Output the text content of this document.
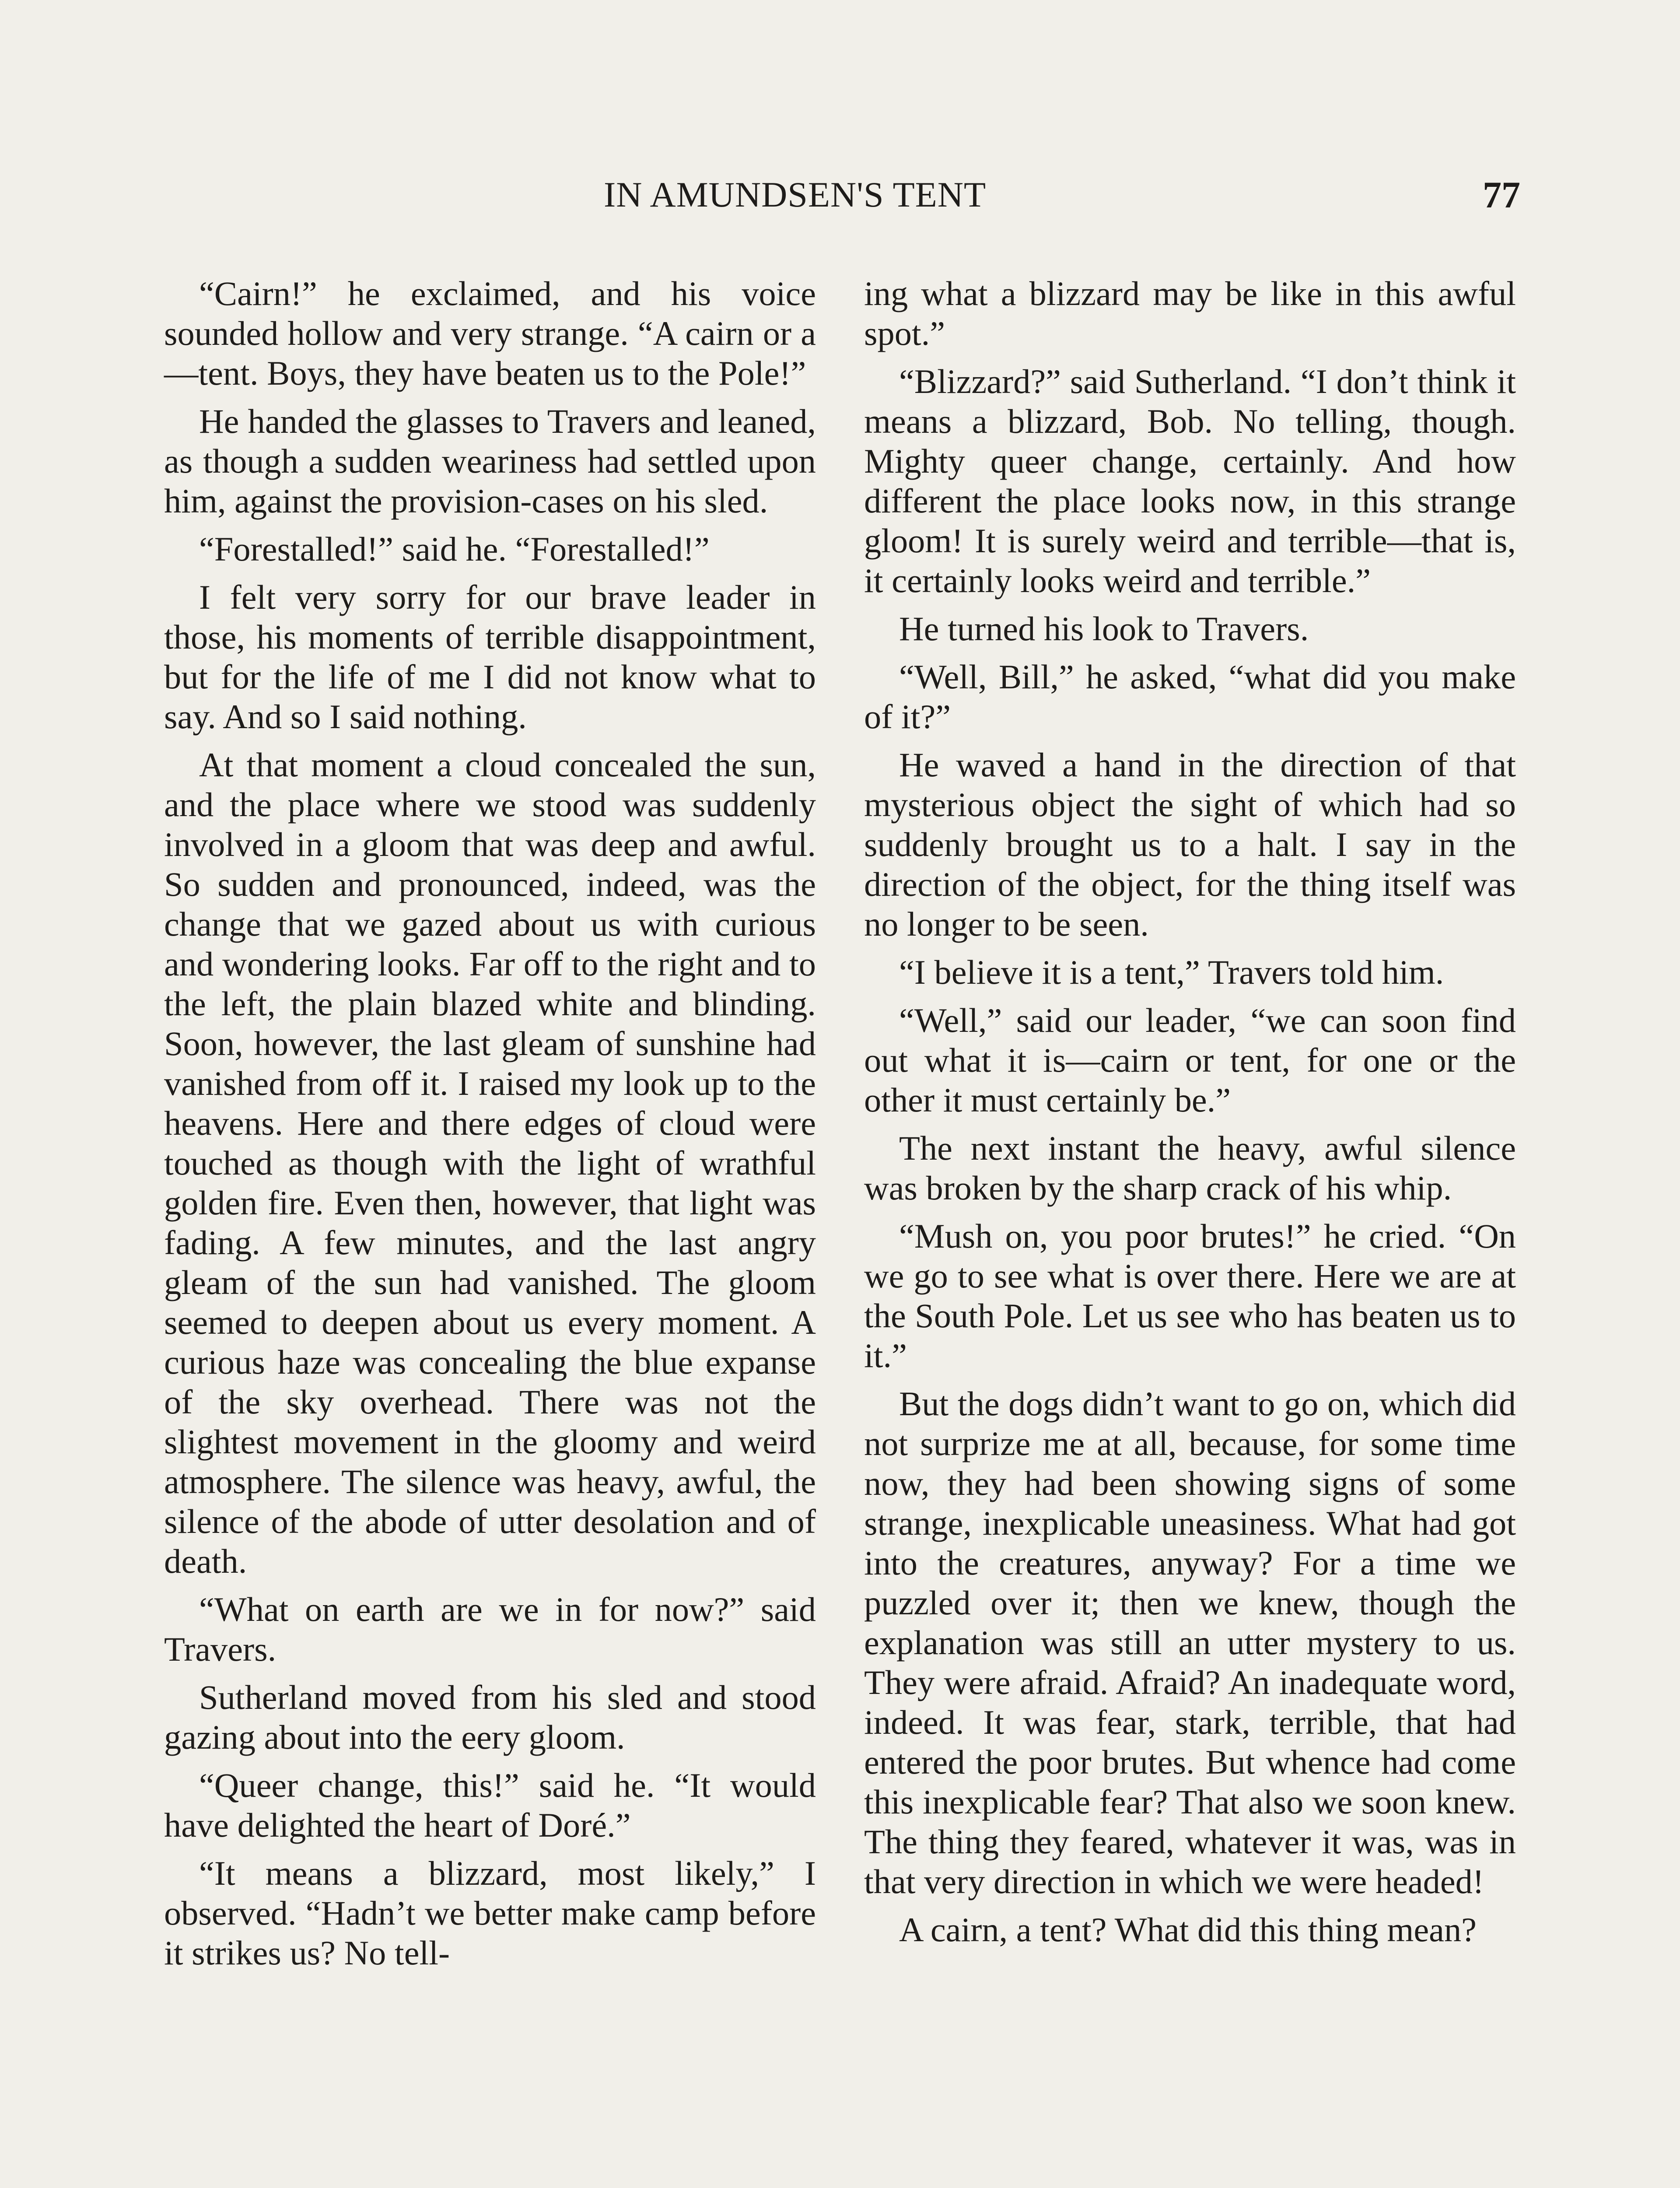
IN AMUNDSEN'S TENT	77

“Cairn!” he exclaimed, and his voice sounded hollow and very strange. “A cairn or a—tent. Boys, they have beaten us to the Pole!”

He handed the glasses to Travers and leaned, as though a sudden weariness had settled upon him, against the provision-cases on his sled.

“Forestalled!” said he. “Forestalled!”

I felt very sorry for our brave leader in those, his moments of terrible disappointment, but for the life of me I did not know what to say. And so I said nothing.

At that moment a cloud concealed the sun, and the place where we stood was suddenly involved in a gloom that was deep and awful. So sudden and pronounced, indeed, was the change that we gazed about us with curious and wondering looks. Far off to the right and to the left, the plain blazed white and blinding. Soon, however, the last gleam of sunshine had vanished from off it. I raised my look up to the heavens. Here and there edges of cloud were touched as though with the light of wrathful golden fire. Even then, however, that light was fading. A few minutes, and the last angry gleam of the sun had vanished. The gloom seemed to deepen about us every moment. A curious haze was concealing the blue expanse of the sky overhead. There was not the slightest movement in the gloomy and weird atmosphere. The silence was heavy, awful, the silence of the abode of utter desolation and of death.

“What on earth are we in for now?” said Travers.

Sutherland moved from his sled and stood gazing about into the eery gloom.

“Queer change, this!” said he. “It would have delighted the heart of Doré.”

“It means a blizzard, most likely,” I observed. “Hadn’t we better make camp before it strikes us? No tell-

ing what a blizzard may be like in this awful spot.”

“Blizzard?” said Sutherland. “I don’t think it means a blizzard, Bob. No telling, though. Mighty queer change, certainly. And how different the place looks now, in this strange gloom! It is surely weird and terrible—that is, it certainly looks weird and terrible.”

He turned his look to Travers.

“Well, Bill,” he asked, “what did you make of it?”

He waved a hand in the direction of that mysterious object the sight of which had so suddenly brought us to a halt. I say in the direction of the object, for the thing itself was no longer to be seen.

“I believe it is a tent,” Travers told him.

“Well,” said our leader, “we can soon find out what it is—cairn or tent, for one or the other it must certainly be.”

The next instant the heavy, awful silence was broken by the sharp crack of his whip.

“Mush on, you poor brutes!” he cried. “On we go to see what is over there. Here we are at the South Pole. Let us see who has beaten us to it.”

But the dogs didn’t want to go on, which did not surprize me at all, because, for some time now, they had been showing signs of some strange, inexplicable uneasiness. What had got into the creatures, anyway? For a time we puzzled over it; then we knew, though the explanation was still an utter mystery to us. They were afraid. Afraid? An inadequate word, indeed. It was fear, stark, terrible, that had entered the poor brutes. But whence had come this inexplicable fear? That also we soon knew. The thing they feared, whatever it was, was in that very direction in which we were headed!

A cairn, a tent? What did this thing mean?
